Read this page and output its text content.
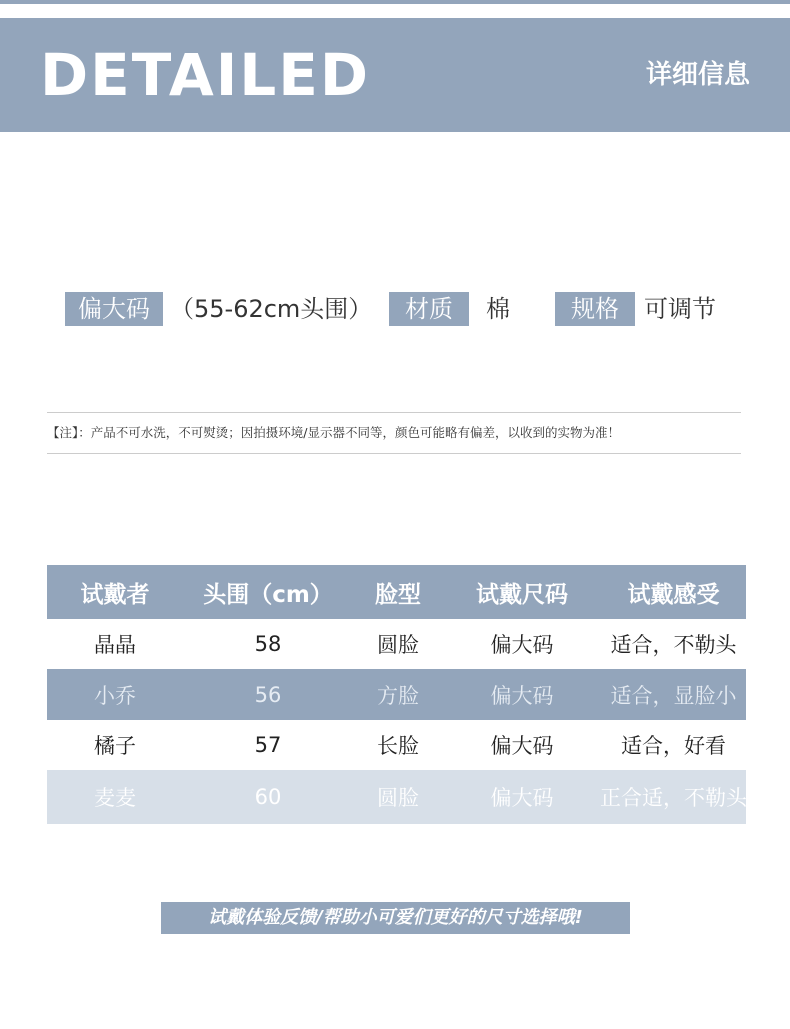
DETAILED	详细信息
偏大码 （55-62cm头围）	材质	棉	规格	可调节
【注】：产品不可水洗，不可熨烫；因拍摄环境/显示器不同等，颜色可能略有偏差，以收到的实物为准！
试戴者	头围（cm）	脸型	试戴尺码	试戴感受
晶晶	58	圆脸	偏大码	适合，不勒头
小乔	56	方脸	偏大码	适合，显脸小
橘子	57	长脸	偏大码	适合，好看
麦麦	60	圆脸	偏大码	正合适，不勒头
试戴体验反馈/帮助小可爱们更好的尺寸选择哦!
